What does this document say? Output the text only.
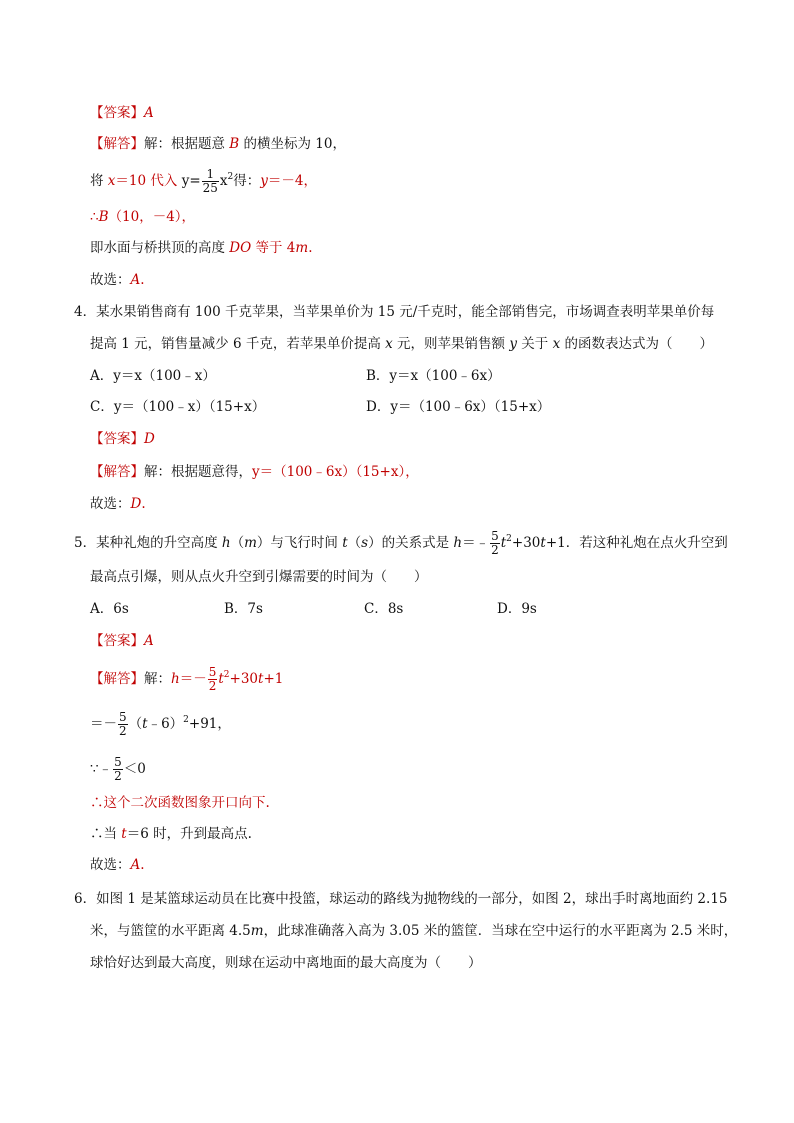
【答案】A
【解答】解：根据题意 B 的横坐标为 10，
将 x＝10 代入 $y= \frac{1}{25} x^2$得：y＝－4，
∴B（10，－4），
即水面与桥拱顶的高度 DO 等于 4m.
故选：A.
4．某水果销售商有 100 千克苹果，当苹果单价为 15 元/千克时，能全部销售完，市场调查表明苹果单价每
提高 1 元，销售量减少 6 千克，若苹果单价提高 x 元，则苹果销售额 y 关于 x 的函数表达式为（　　）
A．y＝x（100﹣x）	B．y＝x（100﹣6x）
C．y＝（100﹣x）（15+x）	D．y＝（100﹣6x）（15+x）
【答案】D
【解答】解：根据题意得，y＝（100﹣6x）（15+x），
故选：D.
5．某种礼炮的升空高度 h（m）与飞行时间 t（s）的关系式是 h＝﹣ $\frac{5}{2} t^2+30t+1$．若这种礼炮在点火升空到
最高点引爆，则从点火升空到引爆需要的时间为（　　）
A．6s	B．7s	C．8s	D．9s
【答案】A
【解答】解：$h=- \frac{5}{2} t^2+30t+1$
＝－ $\frac{5}{2}$ （t﹣6）$^2$+91，
∵﹣ $\frac{5}{2} <0$
∴这个二次函数图象开口向下.
∴当 t＝6 时，升到最高点.
故选：A.
6．如图 1 是某篮球运动员在比赛中投篮，球运动的路线为抛物线的一部分，如图 2，球出手时离地面约 2.15
米，与篮筐的水平距离 4.5m，此球准确落入高为 3.05 米的篮筐．当球在空中运行的水平距离为 2.5 米时，
球恰好达到最大高度，则球在运动中离地面的最大高度为（　　）
